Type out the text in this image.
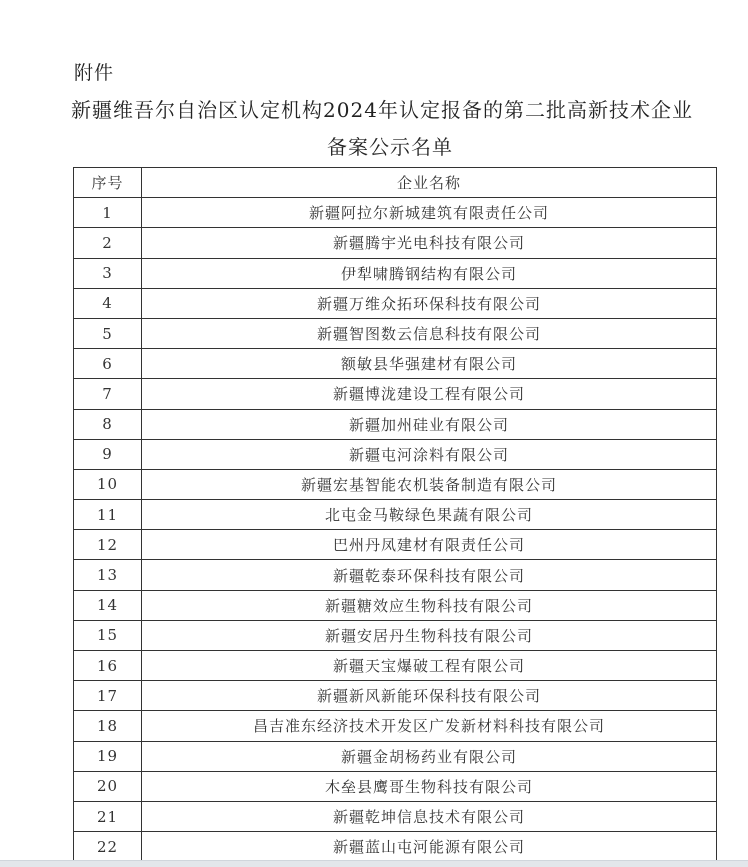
附件
新疆维吾尔自治区认定机构2024年认定报备的第二批高新技术企业
备案公示名单
序号	企业名称
1	新疆阿拉尔新城建筑有限责任公司
2	新疆腾宇光电科技有限公司
3	伊犁啸腾钢结构有限公司
4	新疆万维众拓环保科技有限公司
5	新疆智图数云信息科技有限公司
6	额敏县华强建材有限公司
7	新疆博泷建设工程有限公司
8	新疆加州硅业有限公司
9	新疆屯河涂料有限公司
10	新疆宏基智能农机装备制造有限公司
11	北屯金马鞍绿色果蔬有限公司
12	巴州丹凤建材有限责任公司
13	新疆乾泰环保科技有限公司
14	新疆糖效应生物科技有限公司
15	新疆安居丹生物科技有限公司
16	新疆天宝爆破工程有限公司
17	新疆新风新能环保科技有限公司
18	昌吉准东经济技术开发区广发新材料科技有限公司
19	新疆金胡杨药业有限公司
20	木垒县鹰哥生物科技有限公司
21	新疆乾坤信息技术有限公司
22	新疆蓝山屯河能源有限公司
